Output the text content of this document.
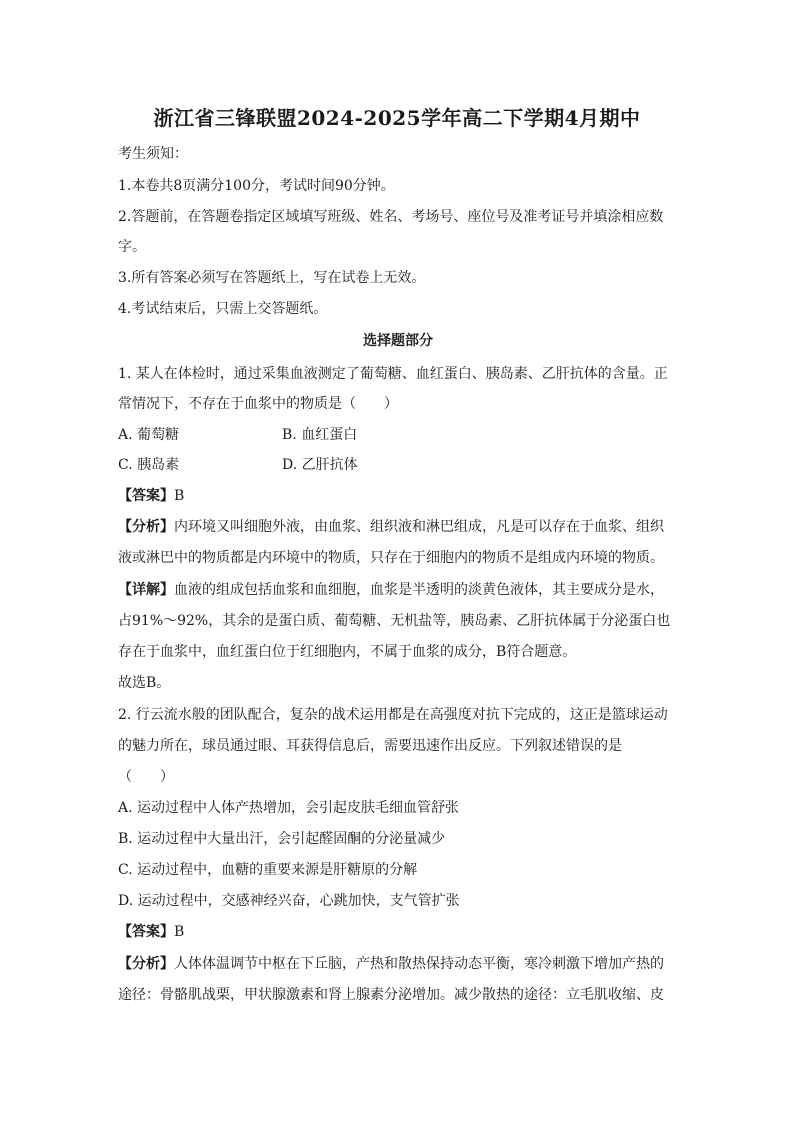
浙江省三锋联盟2024-2025学年高二下学期4月期中
考生须知：
1.本卷共8页满分100分，考试时间90分钟。
2.答题前，在答题卷指定区域填写班级、姓名、考场号、座位号及准考证号并填涂相应数
字。
3.所有答案必须写在答题纸上，写在试卷上无效。
4.考试结束后，只需上交答题纸。
选择题部分
1. 某人在体检时，通过采集血液测定了葡萄糖、血红蛋白、胰岛素、乙肝抗体的含量。正
常情况下，不存在于血浆中的物质是（　　）
A. 葡萄糖	B. 血红蛋白
C. 胰岛素	D. 乙肝抗体
【答案】B
【分析】内环境又叫细胞外液，由血浆、组织液和淋巴组成，凡是可以存在于血浆、组织
液或淋巴中的物质都是内环境中的物质，只存在于细胞内的物质不是组成内环境的物质。
【详解】血液的组成包括血浆和血细胞，血浆是半透明的淡黄色液体，其主要成分是水，
占91%～92%，其余的是蛋白质、葡萄糖、无机盐等，胰岛素、乙肝抗体属于分泌蛋白也
存在于血浆中，血红蛋白位于红细胞内，不属于血浆的成分，B符合题意。
故选B。
2. 行云流水般的团队配合，复杂的战术运用都是在高强度对抗下完成的，这正是篮球运动
的魅力所在，球员通过眼、耳获得信息后，需要迅速作出反应。下列叙述错误的是
（　　）
A. 运动过程中人体产热增加，会引起皮肤毛细血管舒张
B. 运动过程中大量出汗，会引起醛固酮的分泌量减少
C. 运动过程中，血糖的重要来源是肝糖原的分解
D. 运动过程中，交感神经兴奋，心跳加快，支气管扩张
【答案】B
【分析】人体体温调节中枢在下丘脑，产热和散热保持动态平衡，寒冷刺激下增加产热的
途径：骨骼肌战栗，甲状腺激素和肾上腺素分泌增加。减少散热的途径：立毛肌收缩、皮
